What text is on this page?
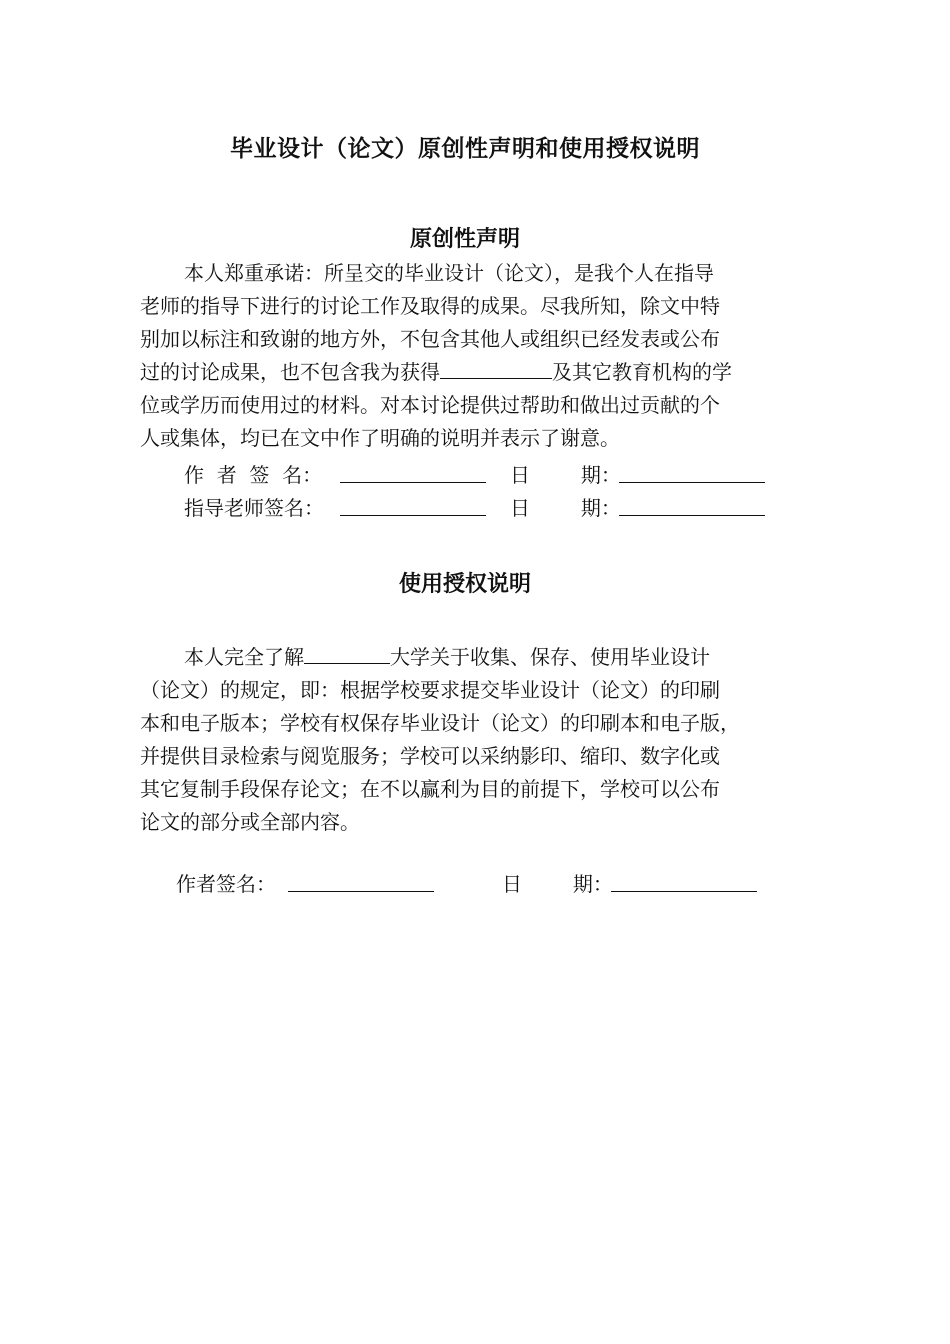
毕业设计（论文）原创性声明和使用授权说明
原创性声明
本人郑重承诺：所呈交的毕业设计（论文），是我个人在指导
老师的指导下进行的讨论工作及取得的成果。尽我所知，除文中特
别加以标注和致谢的地方外，不包含其他人或组织已经发表或公布
过的讨论成果，也不包含我为获得	及其它教育机构的学
位或学历而使用过的材料。对本讨论提供过帮助和做出过贡献的个
人或集体，均已在文中作了明确的说明并表示了谢意。
作  者  签  名：	日        期：
指导老师签名：	日        期：
使用授权说明
本人完全了解	大学关于收集、保存、使用毕业设计
（论文）的规定，即：根据学校要求提交毕业设计（论文）的印刷
本和电子版本；学校有权保存毕业设计（论文）的印刷本和电子版，
并提供目录检索与阅览服务；学校可以采纳影印、缩印、数字化或
其它复制手段保存论文；在不以赢利为目的前提下，学校可以公布
论文的部分或全部内容。
作者签名：	日        期：
